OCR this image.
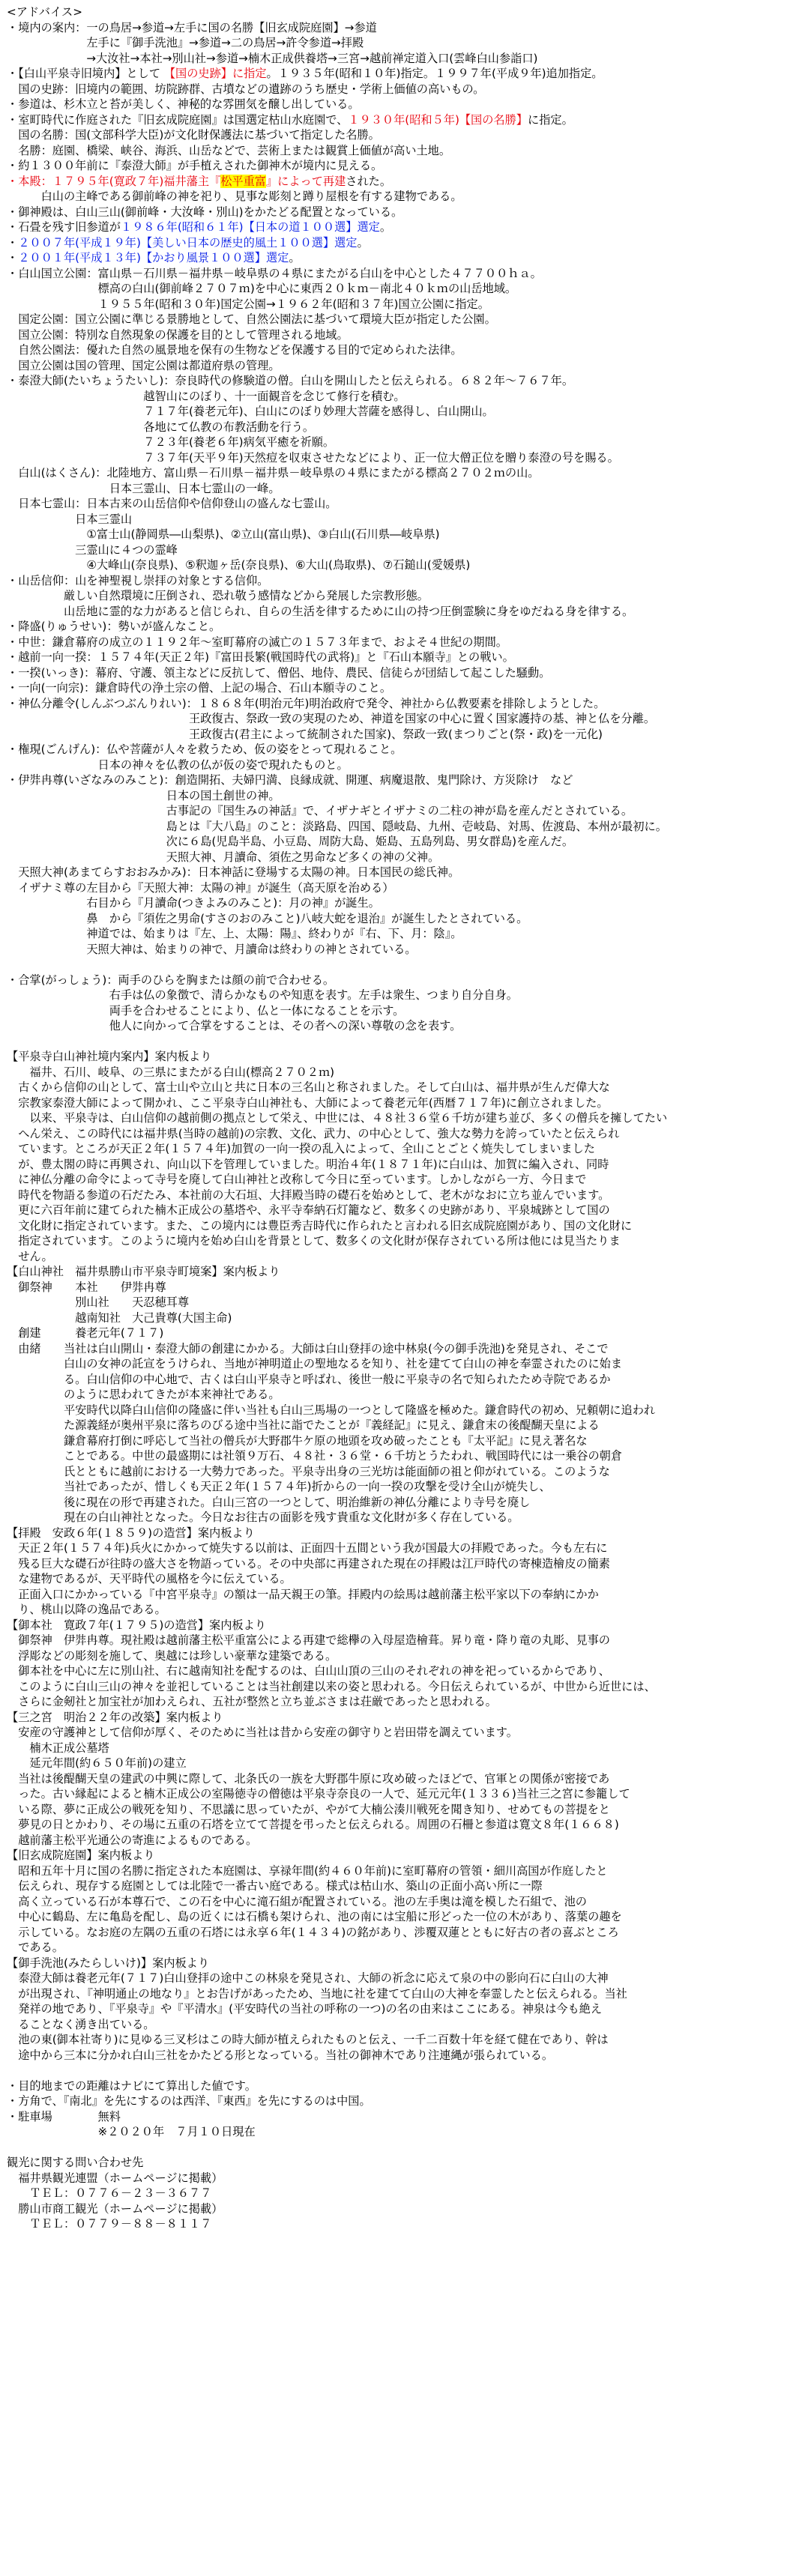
<アドバイス>
・境内の案内：一の鳥居→参道→左手に国の名勝【旧玄成院庭園】→参道
　　　　　　　左手に『御手洗池』→参道→二の鳥居→許令参道→拝殿
　　　　　　　→大汝社→本社→別山社→参道→楠木正成供養塔→三宮→越前禅定道入口(雲峰白山参詣口)
・【白山平泉寺旧境内】として 【国の史跡】に指定。１９３５年(昭和１０年)指定。１９９７年(平成９年)追加指定。
　国の史跡：旧境内の範囲、坊院跡群、古墳などの遺跡のうち歴史・学術上価値の高いもの。
・参道は、杉木立と苔が美しく、神秘的な雰囲気を醸し出している。
・室町時代に作庭された『旧玄成院庭園』は国選定枯山水庭園で、１９３０年(昭和５年)【国の名勝】に指定。
　国の名勝：国(文部科学大臣)が文化財保護法に基づいて指定した名勝。
　名勝：庭園、橋梁、峡谷、海浜、山岳などで、芸術上または観賞上価値が高い土地。
・約１３００年前に『泰澄大師』が手植えされた御神木が境内に見える。
・本殿：１７９５年(寛政７年)福井藩主『松平重富』によって再建された。
　　　白山の主峰である御前峰の神を祀り、見事な彫刻と蹲り屋根を有する建物である。
・御神殿は、白山三山(御前峰・大汝峰・別山)をかたどる配置となっている。
・石畳を残す旧参道が１９８６年(昭和６１年)【日本の道１００選】選定。
・２００７年(平成１９年)【美しい日本の歴史的風土１００選】選定。
・２００１年(平成１３年)【かおり風景１００選】選定。
・白山国立公園：富山県－石川県－福井県－岐阜県の４県にまたがる白山を中心とした４７７００ｈａ。
　　　　　　　　標高の白山(御前峰２７０７ｍ)を中心に東西２０ｋｍ－南北４０ｋｍの山岳地域。
　　　　　　　　１９５５年(昭和３０年)国定公園→１９６２年(昭和３７年)国立公園に指定。
　国定公園：国立公園に準じる景勝地として、自然公園法に基づいて環境大臣が指定した公園。
　国立公園：特別な自然現象の保護を目的として管理される地域。
　自然公園法：優れた自然の風景地を保有の生物などを保護する目的で定められた法律。
　国立公園は国の管理、国定公園は都道府県の管理。
・泰澄大師(たいちょうたいし)：奈良時代の修験道の僧。白山を開山したと伝えられる。６８２年〜７６７年。
　　　　　　　　　　　　越智山にのぼり、十一面観音を念じて修行を積む。
　　　　　　　　　　　　７１７年(養老元年)、白山にのぼり妙理大菩薩を感得し、白山開山。
　　　　　　　　　　　　各地にて仏教の布教活動を行う。
　　　　　　　　　　　　７２３年(養老６年)病気平癒を祈願。
　　　　　　　　　　　　７３７年(天平９年)天然痘を収束させたなどにより、正一位大僧正位を贈り泰澄の号を賜る。
　白山(はくさん)：北陸地方、富山県－石川県－福井県－岐阜県の４県にまたがる標高２７０２ｍの山。
　　　　　　　　　日本三霊山、日本七霊山の一峰。
　日本七霊山：日本古来の山岳信仰や信仰登山の盛んな七霊山。
　　　　　　日本三霊山
　　　　　　　①富士山(静岡県―山梨県)、②立山(富山県)、③白山(石川県―岐阜県)
　　　　　　三霊山に４つの霊峰
　　　　　　　④大峰山(奈良県)、⑤釈迦ヶ岳(奈良県)、⑥大山(鳥取県)、⑦石鎚山(愛媛県)
・山岳信仰：山を神聖視し崇拝の対象とする信仰。
　　　　　厳しい自然環境に圧倒され、恐れ敬う感情などから発展した宗教形態。
　　　　　山岳地に霊的な力があると信じられ、自らの生活を律するために山の持つ圧倒霊験に身をゆだねる身を律する。
・降盛(りゅうせい)：勢いが盛んなこと。
・中世：鎌倉幕府の成立の１１９２年〜室町幕府の滅亡の１５７３年まで、およそ４世紀の期間。
・越前一向一揆：１５７４年(天正２年)『富田長繁(戦国時代の武将)』と『石山本願寺』との戦い。
・一揆(いっき)：幕府、守護、領主などに反抗して、僧侶、地侍、農民、信徒らが団結して起こした騒動。
・一向(一向宗)：鎌倉時代の浄土宗の僧、上記の場合、石山本願寺のこと。
・神仏分離令(しんぶつぶんりれい)：１８６８年(明治元年)明治政府で発令、神社から仏教要素を排除しようとした。
　　　　　　　　　　　　　　　　王政復古、祭政一致の実現のため、神道を国家の中心に置く国家護持の基、神と仏を分離。
　　　　　　　　　　　　　　　　王政復古(君主によって統制された国家)、祭政一致(まつりごと(祭・政)を一元化)
・権現(ごんげん)：仏や菩薩が人々を救うため、仮の姿をとって現れること。
　　　　　　　　日本の神々を仏教の仏が仮の姿で現れたものと。
・伊弉冉尊(いざなみのみこと)：創造開拓、夫婦円満、良縁成就、開運、病魔退散、鬼門除け、方災除け　など
　　　　　　　　　　　　　　日本の国土創世の神。
　　　　　　　　　　　　　　古事記の『国生みの神話』で、イザナギとイザナミの二柱の神が島を産んだとされている。
　　　　　　　　　　　　　　島とは『大八島』のこと：淡路島、四国、隠岐島、九州、壱岐島、対馬、佐渡島、本州が最初に。
　　　　　　　　　　　　　　次に６島(児島半島、小豆島、周防大島、姫島、五島列島、男女群島)を産んだ。
　　　　　　　　　　　　　　天照大神、月讀命、須佐之男命など多くの神の父神。
　天照大神(あまてらすおおみかみ)：日本神話に登場する太陽の神。日本国民の総氏神。
　イザナミ尊の左目から『天照大神：太陽の神』が誕生（高天原を治める）
　　　　　　　右目から『月讀命(つきよみのみこと)：月の神』が誕生。
　　　　　　　鼻　から『須佐之男命(すさのおのみこと)八岐大蛇を退治』が誕生したとされている。
　　　　　　　神道では、始まりは『左、上、太陽：陽』、終わりが『右、下、月：陰』。
　　　　　　　天照大神は、始まりの神で、月讀命は終わりの神とされている。
・合掌(がっしょう)：両手のひらを胸または顔の前で合わせる。
　　　　　　　　　右手は仏の象徴で、清らかなものや知恵を表す。左手は衆生、つまり自分自身。
　　　　　　　　　両手を合わせることにより、仏と一体になることを示す。
　　　　　　　　　他人に向かって合掌をすることは、その者への深い尊敬の念を表す。
【平泉寺白山神社境内案内】案内板より
　　福井、石川、岐阜、の三県にまたがる白山(標高２７０２ｍ)
　古くから信仰の山として、富士山や立山と共に日本の三名山と称されました。そして白山は、福井県が生んだ偉大な
　宗教家泰澄大師によって開かれ、ここ平泉寺白山神社も、大師によって養老元年(西暦７１７年)に創立されました。
　　以来、平泉寺は、白山信仰の越前側の拠点として栄え、中世には、４８社３６堂６千坊が建ち並び、多くの僧兵を擁してたい
　へん栄え、この時代には福井県(当時の越前)の宗教、文化、武力、の中心として、強大な勢力を誇っていたと伝えられ
　ています。ところが天正２年(１５７４年)加賀の一向一揆の乱入によって、全山ことごとく焼失してしまいました
　が、豊太閤の時に再興され、向山以下を管理していました。明治４年(１８７１年)に白山は、加賀に編入され、同時
　に神仏分離の命令によって寺号を廃して白山神社と改称して今日に至っています。しかしながら一方、今日まで
　時代を物語る参道の石だたみ、本社前の大石垣、大拝殿当時の礎石を始めとして、老木がなおに立ち並んでいます。
　更に六百年前に建てられた楠木正成公の墓塔や、永平寺奉納石灯籠など、数多くの史跡があり、平泉城跡として国の
　文化財に指定されています。また、この境内には豊臣秀吉時代に作られたと言われる旧玄成院庭園があり、国の文化財に
　指定されています。このように境内を始め白山を背景として、数多くの文化財が保存されている所は他には見当たりま
　せん。
【白山神社　福井県勝山市平泉寺町境案】案内板より
　御祭神　　本社　　伊弉冉尊
　　　　　　別山社　　天忍穂耳尊
　　　　　　越南知社　大己貴尊(大国主命)
　創建　　　養老元年(７１７)
　由緒　　当社は白山開山・泰澄大師の創建にかかる。大師は白山登拝の途中林泉(今の御手洗池)を発見され、そこで
　　　　　白山の女神の託宣をうけられ、当地が神明道止の聖地なるを知り、社を建てて白山の神を奉霊されたのに始ま
　　　　　る。白山信仰の中心地で、古くは白山平泉寺と呼ばれ、後世一般に平泉寺の名で知られたため寺院であるか
　　　　　のように思われてきたが本来神社である。
　　　　　平安時代以降白山信仰の隆盛に伴い当社も白山三馬場の一つとして隆盛を極めた。鎌倉時代の初め、兄頼朝に追われ
　　　　　た源義経が奥州平泉に落ちのびる途中当社に詣でたことが『義経記』に見え、鎌倉末の後醍醐天皇による
　　　　　鎌倉幕府打倒に呼応して当社の僧兵が大野郡牛ケ原の地頭を攻め破ったことも『太平記』に見え著名な
　　　　　ことである。中世の最盛期には社領９万石、４８社・３６堂・６千坊とうたわれ、戦国時代には一乗谷の朝倉
　　　　　氏とともに越前における一大勢力であった。平泉寺出身の三光坊は能面師の祖と仰がれている。このような
　　　　　当社であったが、惜しくも天正２年(１５７４年)折からの一向一揆の攻撃を受け全山が焼失し、
　　　　　後に現在の形で再建された。白山三宮の一つとして、明治維新の神仏分離により寺号を廃し
　　　　　現在の白山神社となった。今日なお往古の面影を残す貴重な文化財が多く存在している。
【拝殿　安政６年(１８５９)の造営】案内板より
　天正２年(１５７４年)兵火にかかって焼失する以前は、正面四十五間という我が国最大の拝殿であった。今も左右に
　残る巨大な礎石が往時の盛大さを物語っている。その中央部に再建された現在の拝殿は江戸時代の寄棟造檜皮の簡素
　な建物であるが、天平時代の風格を今に伝えている。
　正面入口にかかっている『中宮平泉寺』の額は一品天親王の筆。拝殿内の絵馬は越前藩主松平家以下の奉納にかか
　り、桃山以降の逸品である。
【御本社　寛政７年(１７９５)の造営】案内板より
　御祭神　伊弉冉尊。現社殿は越前藩主松平重富公による再建で総欅の入母屋造檜葺。昇り竜・降り竜の丸彫、見事の
　浮彫などの彫刻を施して、奥越には珍しい豪華な建築である。
　御本社を中心に左に別山社、右に越南知社を配するのは、白山山頂の三山のそれぞれの神を祀っているからであり、
　このように白山三山の神々を並祀していることは当社創建以来の姿と思われる。今日伝えられているが、中世から近世には、
　さらに金剱社と加宝社が加わえられ、五社が整然と立ち並ぶさまは荘厳であったと思われる。
【三之宮　明治２２年の改築】案内板より
　安産の守護神として信仰が厚く、そのために当社は昔から安産の御守りと岩田帯を調えています。
　　楠木正成公墓塔
　　延元年間(約６５０年前)の建立
　当社は後醍醐天皇の建武の中興に際して、北条氏の一族を大野郡牛原に攻め破ったほどで、官軍との関係が密接であ
　った。古い縁起によると楠木正成公の室陽徳寺の僧徳は平泉寺奈良の一人で、延元元年(１３３６)当社三之宮に参籠して
　いる際、夢に正成公の戦死を知り、不思議に思っていたが、やがて大楠公湊川戦死を聞き知り、せめてもの菩提をと
　夢見の日とかわり、その場に五重の石塔を立てて菩提を弔ったと伝えられる。周囲の石柵と参道は寛文８年(１６６８)
　越前藩主松平光通公の寄進によるものである。
【旧玄成院庭園】案内板より
　昭和五年十月に国の名勝に指定された本庭園は、享禄年間(約４６０年前)に室町幕府の管領・細川高国が作庭したと
　伝えられ、現存する庭園としては北陸で一番古い庭である。様式は枯山水、築山の正面小高い所に一際
　高く立っている石が本尊石で、この石を中心に滝石組が配置されている。池の左手奥は滝を模した石組で、池の
　中心に鶴島、左に亀島を配し、島の近くには石橋も架けられ、池の南には宝船に形どった一位の木があり、落葉の趣を
　示している。なお庭の左隅の五重の石塔には永享６年(１４３４)の銘があり、渉覆双蓮とともに好古の者の喜ぶところ
　である。
【御手洗池(みたらしいけ)】案内板より
　泰澄大師は養老元年(７１７)白山登拝の途中この林泉を発見され、大師の祈念に応えて泉の中の影向石に白山の大神
　が出現され、『神明通止の地なり』とお告げがあったため、当地に社を建てて白山の大神を奉霊したと伝えられる。当社
　発祥の地であり、『平泉寺』や『平清水』(平安時代の当社の呼称の一つ)の名の由来はここにある。神泉は今も絶え
　ることなく湧き出ている。
　池の東(御本社寄り)に見ゆる三叉杉はこの時大師が植えられたものと伝え、一千二百数十年を経て健在であり、幹は
　途中から三本に分かれ白山三社をかたどる形となっている。当社の御神木であり注連縄が張られている。
・目的地までの距離はナビにて算出した値です。
・方角で、『南北』を先にするのは西洋、『東西』を先にするのは中国。
・駐車場　　　　無料
　　　　　　　　※２０２０年　７月１０日現在
観光に関する問い合わせ先
　福井県観光連盟（ホームページに掲載）
　　ＴＥＬ：０７７６－２３－３６７７
　勝山市商工観光（ホームページに掲載）
　　ＴＥＬ：０７７９－８８－８１１７
